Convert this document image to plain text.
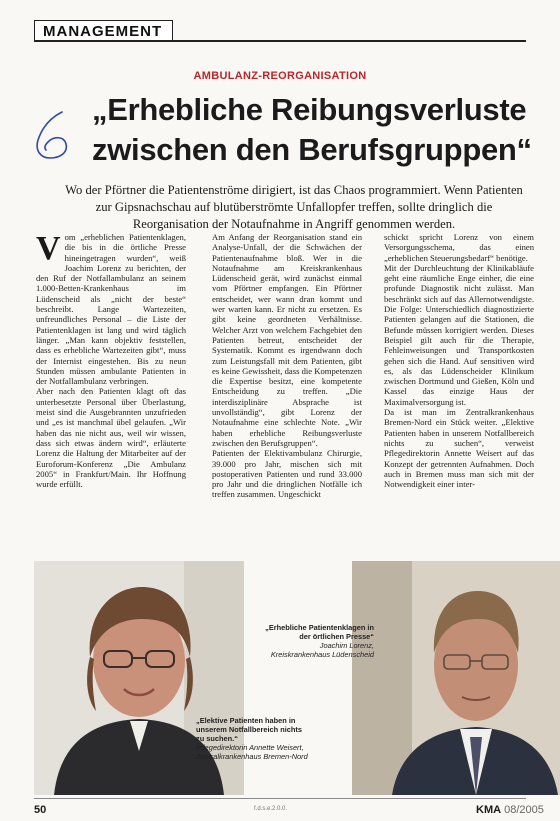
MANAGEMENT
AMBULANZ-REORGANISATION
„Erhebliche Reibungsverluste
zwischen den Berufsgruppen“
Wo der Pförtner die Patientenströme dirigiert, ist das Chaos programmiert. Wenn Patienten
zur Gipsnachschau auf blutüberströmte Unfallopfer treffen, sollte dringlich die
Reorganisation der Notaufnahme in Angriff genommen werden.

Vom „erheblichen Patientenklagen, die bis in die örtliche Presse hineingetragen wurden“, weiß Joachim Lorenz zu berichten, der den Ruf der Notfallambulanz an seinem 1.000-Betten-Krankenhaus im Lüdenscheid als „nicht der beste“ beschreibt. Lange Wartezeiten, unfreundliches Personal – die Liste der Patientenklagen ist lang und wird täglich länger. „Man kann objektiv feststellen, dass es erhebliche Wartezeiten gibt“, muss der Internist eingestehen. Bis zu neun Stunden müssen ambulante Patienten in der Notfallambulanz verbringen.

Aber nach den Patienten klagt oft das unterbesetzte Personal über Überlastung, meist sind die Ausgebrannten unzufrieden und „es ist manchmal übel gelaufen. „Wir haben das nie nicht aus, weil wir wissen, dass sich etwas ändern wird“, erläuterte Lorenz die Haltung der Mitarbeiter auf der Euroforum-Konferenz „Die Ambulanz 2005“ in Frankfurt/Main. Ihr Hoffnung wurde erfüllt.

Am Anfang der Reorganisation stand ein Analyse-Unfall, der die Schwächen der Patientenaufnahme bloß. Wer in die Notaufnahme am Kreiskrankenhaus Lüdenscheid gerät, wird zunächst einmal vom Pförtner empfangen. Ein Pförtner entscheidet, wer wann dran kommt und wer warten kann. Er nicht zu ersetzen. Es gibt keine geordneten Verhältnisse. Welcher Arzt von welchem Fachgebiet den Patienten betreut, entscheidet der Systematik. Kommt es irgendwann doch zum Leistungsfall mit dem Patienten, gibt es keine Gewissheit, dass die Kompetenzen die Expertise besitzt, eine kompetente Entscheidung zu treffen. „Die interdisziplinäre Absprache ist unvollständig“, gibt Lorenz der Notaufnahme eine schlechte Note. „Wir haben erhebliche Reibungsverluste zwischen den Berufsgruppen“.

Patienten der Elektivambulanz Chirurgie, 39.000 pro Jahr, mischen sich mit postoperativen Patienten und rund 33.000 pro Jahr und die dringlichen Notfälle ich treffen zusammen. Ungeschickt

schickt spricht Lorenz von einem Versorgungsschema, das einen „erheblichen Steuerungsbedarf“ benötige.

Mit der Durchleuchtung der Klinikabläufe geht eine räumliche Enge einher, die eine profunde Diagnostik nicht zulässt. Man beschränkt sich auf das Allernotwendigste. Die Folge: Unterschiedlich diagnostizierte Patienten gelangen auf die Stationen, die Befunde müssen korrigiert werden. Dieses Beispiel gilt auch für die Therapie, Fehleinweisungen und Transportkosten gehen sich die Hand. Auf sensitiven wird es, als das Lüdenscheider Klinikum zwischen Dortmund und Gießen, Köln und Kassel das einzige Haus der Maximalversorgung ist.

Da ist man im Zentralkrankenhaus Bremen-Nord ein Stück weiter. „Elektive Patienten haben in unserem Notfallbereich nichts zu suchen“, verweist Pflegedirektorin Annette Weisert auf das Konzept der getrennten Aufnahmen. Doch auch in Bremen muss man sich mit der Notwendigkeit einer inter-

„Erhebliche Patientenklagen in der örtlichen Presse“
Joachim Lorenz,
Kreiskrankenhaus Lüdenscheid
„Elektive Patienten haben in unserem Notfallbereich nichts zu suchen.“
Pflegedirektorin Annette Weisert,
Zentralkrankenhaus Bremen-Nord
50	f.d.s.e.2.0.0.	KMA 08/2005
